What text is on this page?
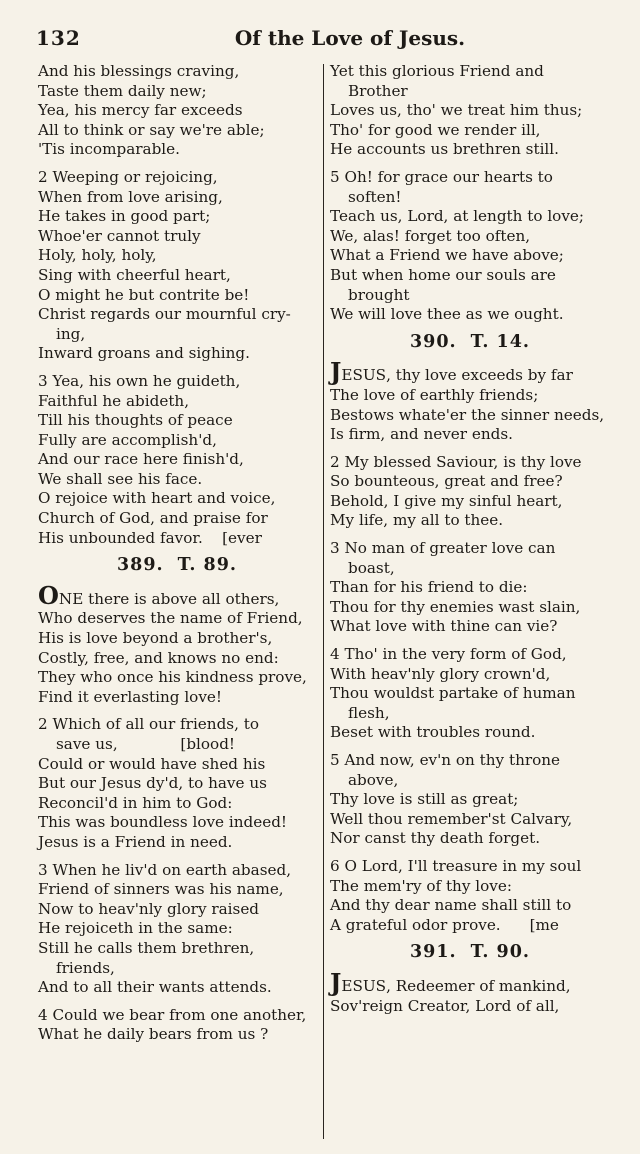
132	Of the Love of Jesus.
And his blessings craving,
Taste them daily new;
Yea, his mercy far exceeds
All to think or say we're able;
'Tis incomparable.
2 Weeping or rejoicing,
When from love arising,
He takes in good part;
Whoe'er cannot truly
Holy, holy, holy,
Sing with cheerful heart,
O might he but contrite be!
Christ regards our mournful cry-
ing,
Inward groans and sighing.
3 Yea, his own he guideth,
Faithful he abideth,
Till his thoughts of peace
Fully are accomplish'd,
And our race here finish'd,
We shall see his face.
O rejoice with heart and voice,
Church of God, and praise for
His unbounded favor.    [ever
389. T. 89.
ONE there is above all others,
Who deserves the name of Friend,
His is love beyond a brother's,
Costly, free, and knows no end:
They who once his kindness prove,
Find it everlasting love!
2 Which of all our friends, to
save us,             [blood!
Could or would have shed his
But our Jesus dy'd, to have us
Reconcil'd in him to God:
This was boundless love indeed!
Jesus is a Friend in need.
3 When he liv'd on earth abased,
Friend of sinners was his name,
Now to heav'nly glory raised
He rejoiceth in the same:
Still he calls them brethren,
friends,
And to all their wants attends.
4 Could we bear from one another,
What he daily bears from us ?
Yet this glorious Friend and
Brother
Loves us, tho' we treat him thus;
Tho' for good we render ill,
He accounts us brethren still.
5 Oh! for grace our hearts to
soften!
Teach us, Lord, at length to love;
We, alas! forget too often,
What a Friend we have above;
But when home our souls are
brought
We will love thee as we ought.
390. T. 14.
JESUS, thy love exceeds by far
The love of earthly friends;
Bestows whate'er the sinner needs,
Is firm, and never ends.
2 My blessed Saviour, is thy love
So bounteous, great and free?
Behold, I give my sinful heart,
My life, my all to thee.
3 No man of greater love can
boast,
Than for his friend to die:
Thou for thy enemies wast slain,
What love with thine can vie?
4 Tho' in the very form of God,
With heav'nly glory crown'd,
Thou wouldst partake of human
flesh,
Beset with troubles round.
5 And now, ev'n on thy throne
above,
Thy love is still as great;
Well thou remember'st Calvary,
Nor canst thy death forget.
6 O Lord, I'll treasure in my soul
The mem'ry of thy love:
And thy dear name shall still to
A grateful odor prove.      [me
391. T. 90.
JESUS, Redeemer of mankind,
Sov'reign Creator, Lord of all,
